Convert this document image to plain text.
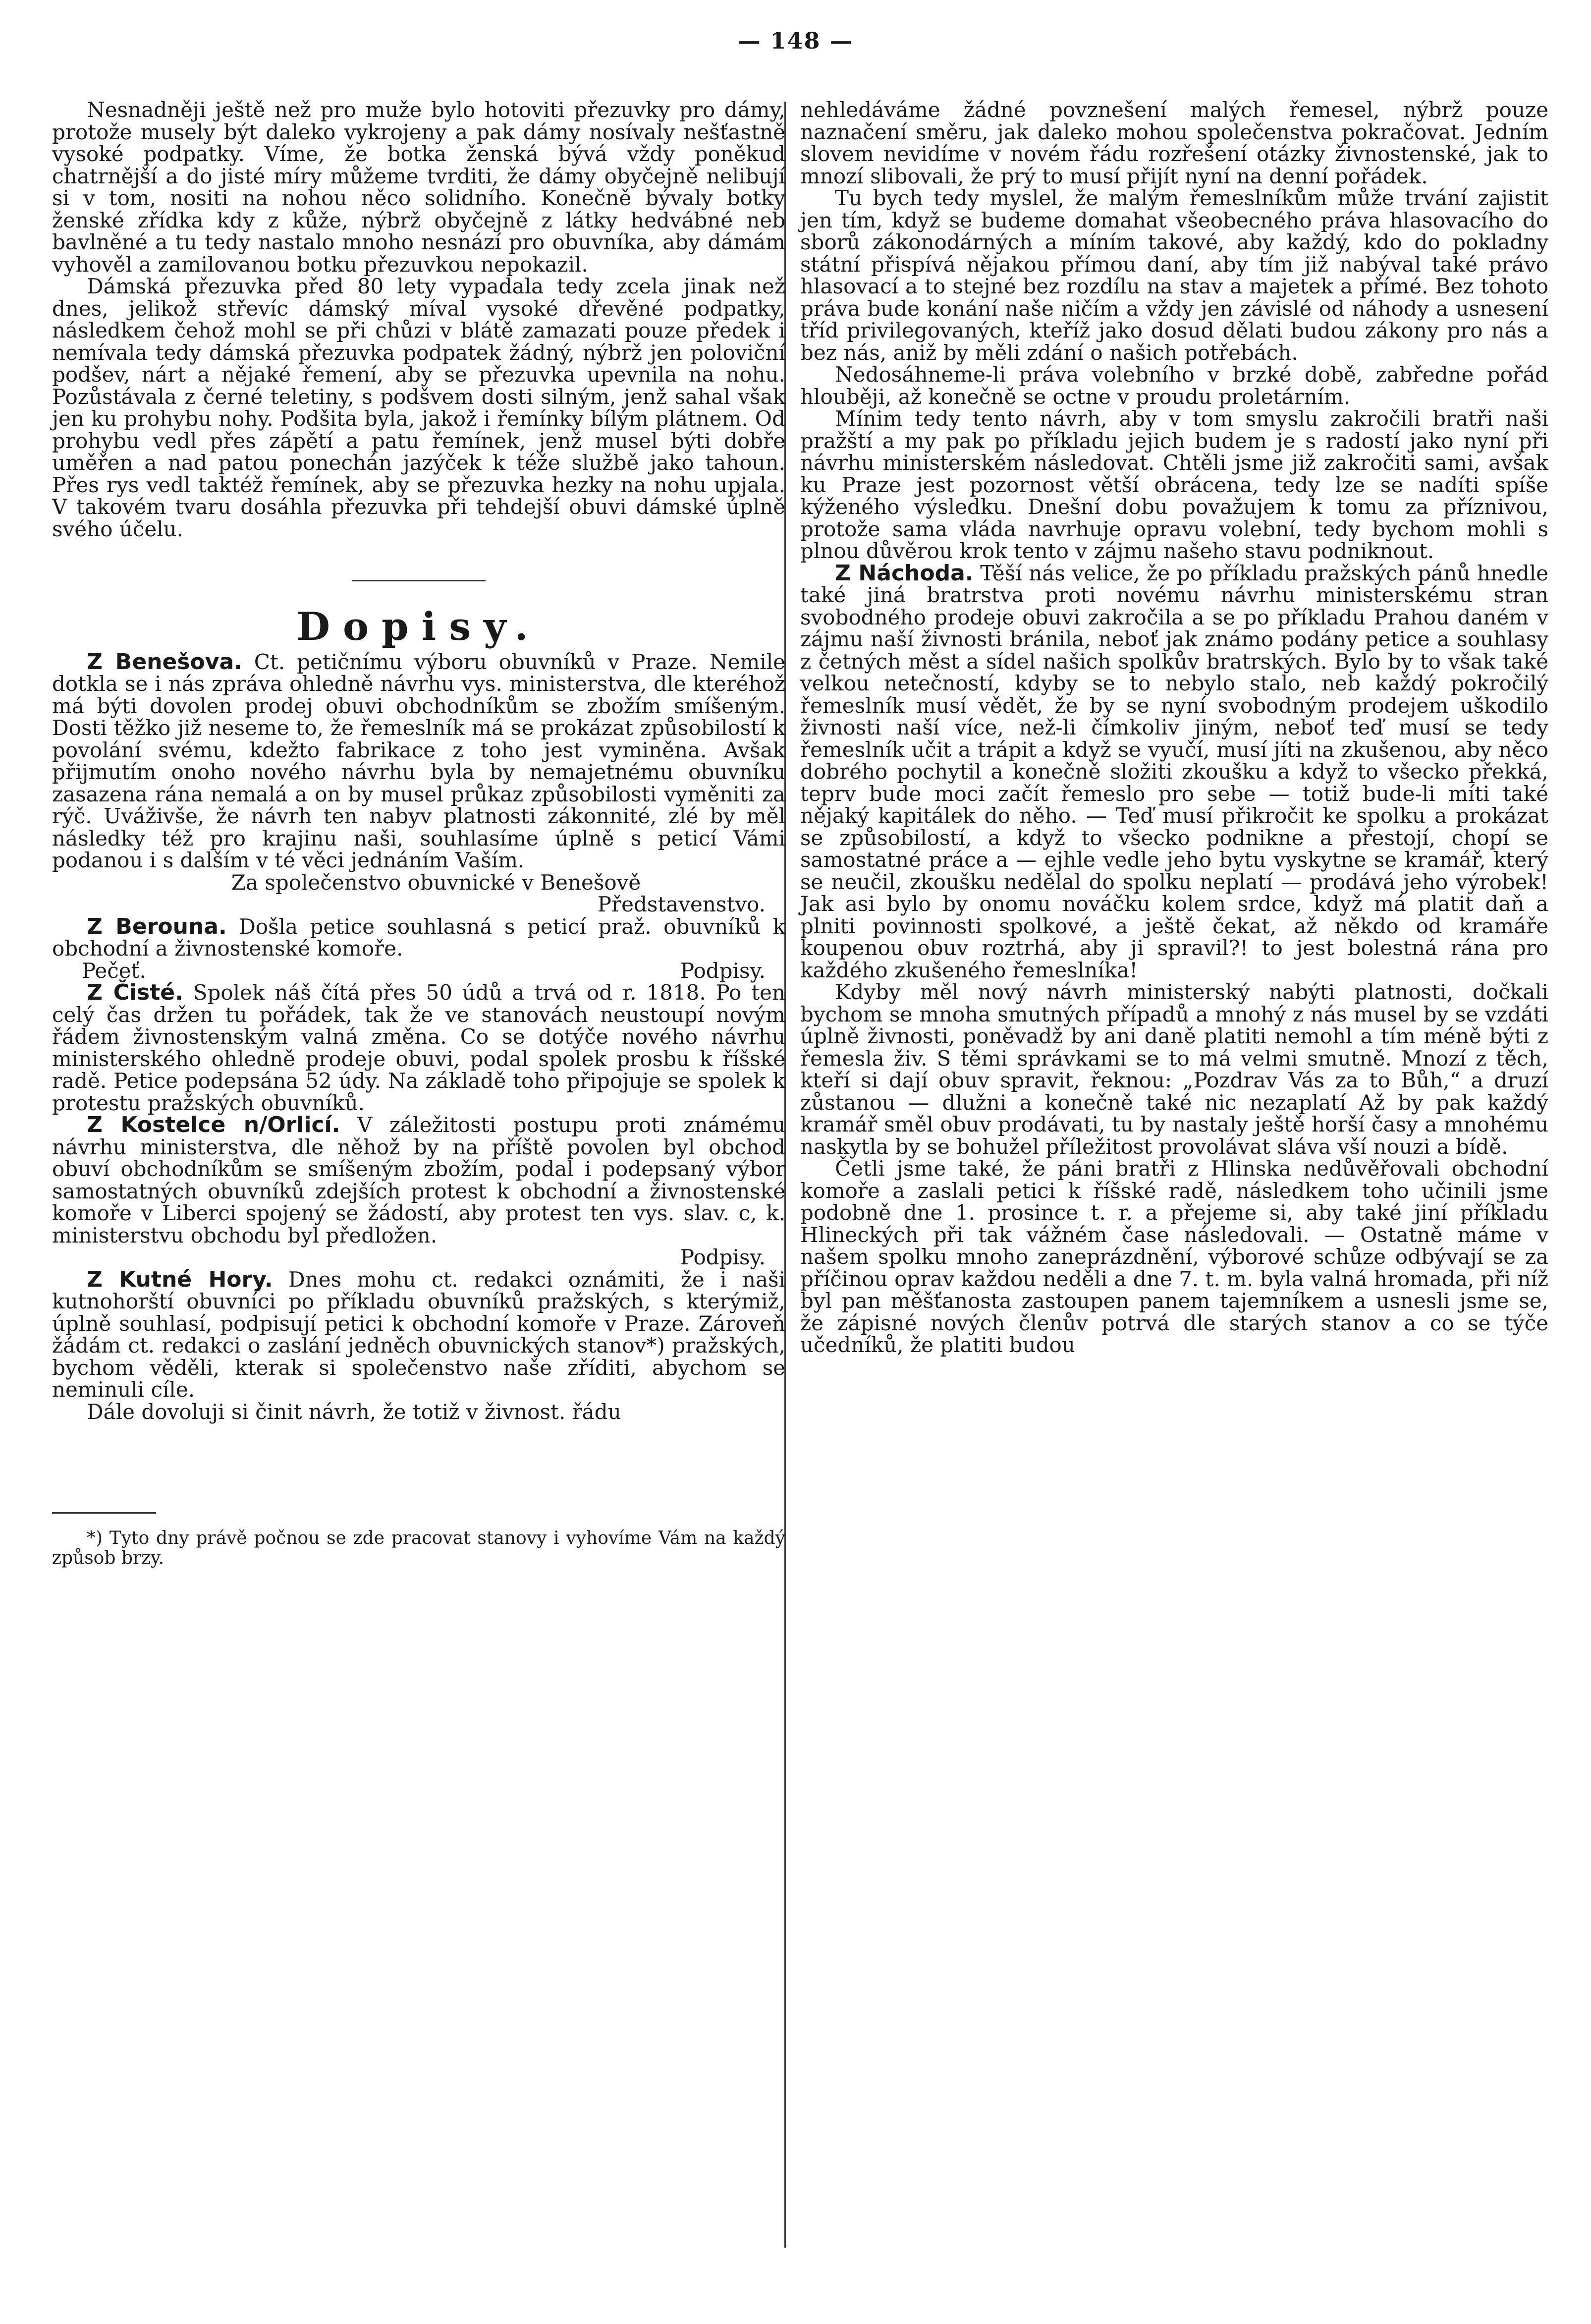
— 148 —

Nesnadněji ještě než pro muže bylo hotoviti přezuvky pro dámy, protože musely být daleko vykrojeny a pak dámy nosívaly nešťastně vysoké podpatky. Víme, že botka ženská bývá vždy poněkud chatrnější a do jisté míry můžeme tvrditi, že dámy obyčejně nelibují si v tom, nositi na nohou něco solidního. Konečně bývaly botky ženské zřídka kdy z kůže, nýbrž obyčejně z látky hedvábné neb bavlněné a tu tedy nastalo mnoho nesnází pro obuvníka, aby dámám vyhověl a zamilovanou botku přezuvkou nepokazil.

Dámská přezuvka před 80 lety vypadala tedy zcela jinak než dnes, jelikož střevíc dámský míval vysoké dřevěné podpatky, následkem čehož mohl se při chůzi v blátě zamazati pouze předek i nemívala tedy dámská přezuvka podpatek žádný, nýbrž jen poloviční podšev, nárt a nějaké řemení, aby se přezuvka upevnila na nohu. Pozůstávala z černé teletiny, s podšvem dosti silným, jenž sahal však jen ku prohybu nohy. Podšita byla, jakož i řemínky bílým plátnem. Od prohybu vedl přes zápětí a patu řemínek, jenž musel býti dobře uměřen a nad patou ponechán jazýček k téže službě jako tahoun. Přes rys vedl taktéž řemínek, aby se přezuvka hezky na nohu upjala. V takovém tvaru dosáhla přezuvka při tehdejší obuvi dámské úplně svého účelu.

Dopisy.

Z Benešova. Ct. petičnímu výboru obuvníků v Praze. Nemile dotkla se i nás zpráva ohledně návrhu vys. ministerstva, dle kteréhož má býti dovolen prodej obuvi obchodníkům se zbožím smíšeným. Dosti těžko již neseme to, že řemeslník má se prokázat způsobilostí k povolání svému, kdežto fabrikace z toho jest vyminěna. Avšak přijmutím onoho nového návrhu byla by nemajetnému obuvníku zasazena rána nemalá a on by musel průkaz způsobilosti vyměniti za rýč. Uváživše, že návrh ten nabyv platnosti zákonnité, zlé by měl následky též pro krajinu naši, souhlasíme úplně s peticí Vámi podanou i s dalším v té věci jednáním Vaším.

Za společenstvo obuvnické v Benešově

Představenstvo.

Z Berouna. Došla petice souhlasná s peticí praž. obuvníků k obchodní a živnostenské komoře.

Pečeť.	Podpisy.

Z Čisté. Spolek náš čítá přes 50 údů a trvá od r. 1818. Po ten celý čas držen tu pořádek, tak že ve stanovách neustoupí novým řádem živnostenským valná změna. Co se dotýče nového návrhu ministerského ohledně prodeje obuvi, podal spolek prosbu k říšské radě. Petice podepsána 52 údy. Na základě toho připojuje se spolek k protestu pražských obuvníků.

Z Kostelce n/Orlicí. V záležitosti postupu proti známému návrhu ministerstva, dle něhož by na příště povolen byl obchod obuví obchodníkům se smíšeným zbožím, podal i podepsaný výbor samostatných obuvníků zdejších protest k obchodní a živnostenské komoře v Liberci spojený se žádostí, aby protest ten vys. slav. c, k. ministerstvu obchodu byl předložen.

Podpisy.

Z Kutné Hory. Dnes mohu ct. redakci oznámiti, že i naši kutnohorští obuvníci po příkladu obuvníků pražských, s kterýmiž, úplně souhlasí, podpisují petici k obchodní komoře v Praze. Zároveň žádám ct. redakci o zaslání jedněch obuvnických stanov*) pražských, bychom věděli, kterak si společenstvo naše zříditi, abychom se neminuli cíle.

Dále dovoluji si činit návrh, že totiž v živnost. řádu

*) Tyto dny právě počnou se zde pracovat stanovy i vyhovíme Vám na každý způsob brzy.

nehledáváme žádné povznešení malých řemesel, nýbrž pouze naznačení směru, jak daleko mohou společenstva pokračovat. Jedním slovem nevidíme v novém řádu rozřešení otázky živnostenské, jak to mnozí slibovali, že prý to musí přijít nyní na denní pořádek.

Tu bych tedy myslel, že malým řemeslníkům může trvání zajistit jen tím, když se budeme domahat všeobecného práva hlasovacího do sborů zákonodárných a míním takové, aby každý, kdo do pokladny státní přispívá nějakou přímou daní, aby tím již nabýval také právo hlasovací a to stejné bez rozdílu na stav a majetek a přímé. Bez tohoto práva bude konání naše ničím a vždy jen závislé od náhody a usnesení tříd privilegovaných, kteříž jako dosud dělati budou zákony pro nás a bez nás, aniž by měli zdání o našich potřebách.

Nedosáhneme-li práva volebního v brzké době, zabředne pořád hlouběji, až konečně se octne v proudu proletárním.

Mínim tedy tento návrh, aby v tom smyslu zakročili bratři naši pražští a my pak po příkladu jejich budem je s radostí jako nyní při návrhu ministerském následovat. Chtěli jsme již zakročiti sami, avšak ku Praze jest pozornost větší obrácena, tedy lze se nadíti spíše kýženého výsledku. Dnešní dobu považujem k tomu za příznivou, protože sama vláda navrhuje opravu volební, tedy bychom mohli s plnou důvěrou krok tento v zájmu našeho stavu podniknout.

Z Náchoda. Těší nás velice, že po příkladu pražských pánů hnedle také jiná bratrstva proti novému návrhu ministerskému stran svobodného prodeje obuvi zakročila a se po příkladu Prahou daném v zájmu naší živnosti bránila, neboť jak známo podány petice a souhlasy z četných měst a sídel našich spolkův bratrských. Bylo by to však také velkou netečností, kdyby se to nebylo stalo, neb každý pokročilý řemeslník musí vědět, že by se nyní svobodným prodejem uškodilo živnosti naší více, než-li čímkoliv jiným, neboť teď musí se tedy řemeslník učit a trápit a když se vyučí, musí jíti na zkušenou, aby něco dobrého pochytil a konečně složiti zkoušku a když to všecko překká, teprv bude moci začít řemeslo pro sebe — totiž bude-li míti také nějaký kapitálek do něho. — Teď musí přikročit ke spolku a prokázat se způsobilostí, a když to všecko podnikne a přestojí, chopí se samostatné práce a — ejhle vedle jeho bytu vyskytne se kramář, který se neučil, zkoušku nedělal do spolku neplatí — prodává jeho výrobek! Jak asi bylo by onomu nováčku kolem srdce, když má platit daň a plniti povinnosti spolkové, a ještě čekat, až někdo od kramáře koupenou obuv roztrhá, aby ji spravil?! to jest bolestná rána pro každého zkušeného řemeslníka!

Kdyby měl nový návrh ministerský nabýti platnosti, dočkali bychom se mnoha smutných případů a mnohý z nás musel by se vzdáti úplně živnosti, poněvadž by ani daně platiti nemohl a tím méně býti z řemesla živ. S těmi správkami se to má velmi smutně. Mnozí z těch, kteří si dají obuv spravit, řeknou: „Pozdrav Vás za to Bůh,“ a druzí zůstanou — dlužni a konečně také nic nezaplatí Až by pak každý kramář směl obuv prodávati, tu by nastaly ještě horší časy a mnohému naskytla by se bohužel příležitost provolávat sláva vší nouzi a bídě.

Četli jsme také, že páni bratři z Hlinska nedůvěřovali obchodní komoře a zaslali petici k říšské radě, následkem toho učinili jsme podobně dne 1. prosince t. r. a přejeme si, aby také jiní příkladu Hlineckých při tak vážném čase následovali. — Ostatně máme v našem spolku mnoho zaneprázdnění, výborové schůze odbývají se za příčinou oprav každou neděli a dne 7. t. m. byla valná hromada, při níž byl pan měšťanosta zastoupen panem tajemníkem a usnesli jsme se, že zápisné nových členův potrvá dle starých stanov a co se týče učedníků, že platiti budou
